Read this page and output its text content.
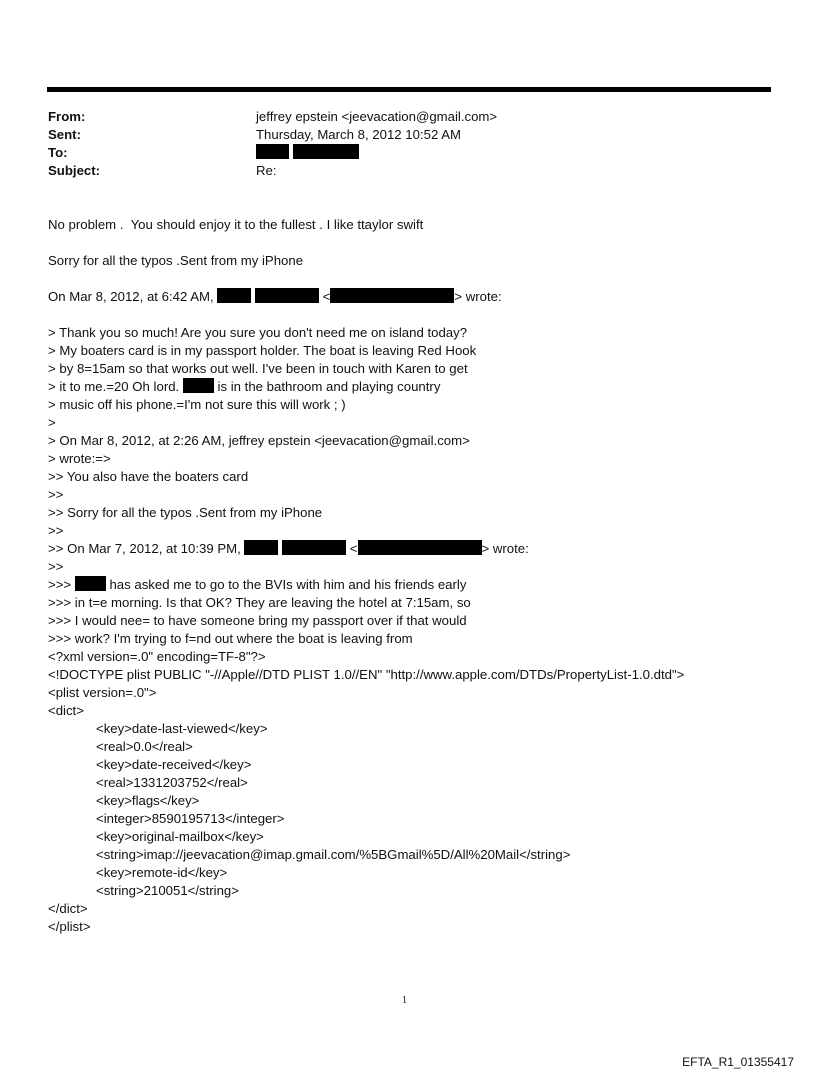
From:	jeffrey epstein <jeevacation@gmail.com>
Sent:	Thursday, March 8, 2012 10:52 AM
To:

Subject:	Re:
No problem .  You should enjoy it to the fullest . I like ttaylor swift
Sorry for all the typos .Sent from my iPhone
On Mar 8, 2012, at 6:42 AM,	<	> wrote:
> Thank you so much! Are you sure you don't need me on island today?
> My boaters card is in my passport holder. The boat is leaving Red Hook
> by 8=15am so that works out well. I've been in touch with Karen to get
> it to me.=20 Oh lord.  is in the bathroom and playing country
> music off his phone.=I'm not sure this will work ; )
>
> On Mar 8, 2012, at 2:26 AM, jeffrey epstein <jeevacation@gmail.com>
> wrote:=>
>> You also have the boaters card
>>
>> Sorry for all the typos .Sent from my iPhone
>>
>> On Mar 7, 2012, at 10:39 PM,	<	> wrote:
>>
>>>  has asked me to go to the BVIs with him and his friends early
>>> in t=e morning. Is that OK? They are leaving the hotel at 7:15am, so
>>> I would nee= to have someone bring my passport over if that would
>>> work? I'm trying to f=nd out where the boat is leaving from
<?xml version=.0" encoding=TF-8"?>
<!DOCTYPE plist PUBLIC "-//Apple//DTD PLIST 1.0//EN" "http://www.apple.com/DTDs/PropertyList-1.0.dtd">
<plist version=.0">
<dict>
<key>date-last-viewed</key>
<real>0.0</real>
<key>date-received</key>
<real>1331203752</real>
<key>flags</key>
<integer>8590195713</integer>
<key>original-mailbox</key>
<string>imap://jeevacation@imap.gmail.com/%5BGmail%5D/All%20Mail</string>
<key>remote-id</key>
<string>210051</string>
</dict>
</plist>
1
EFTA_R1_01355417
